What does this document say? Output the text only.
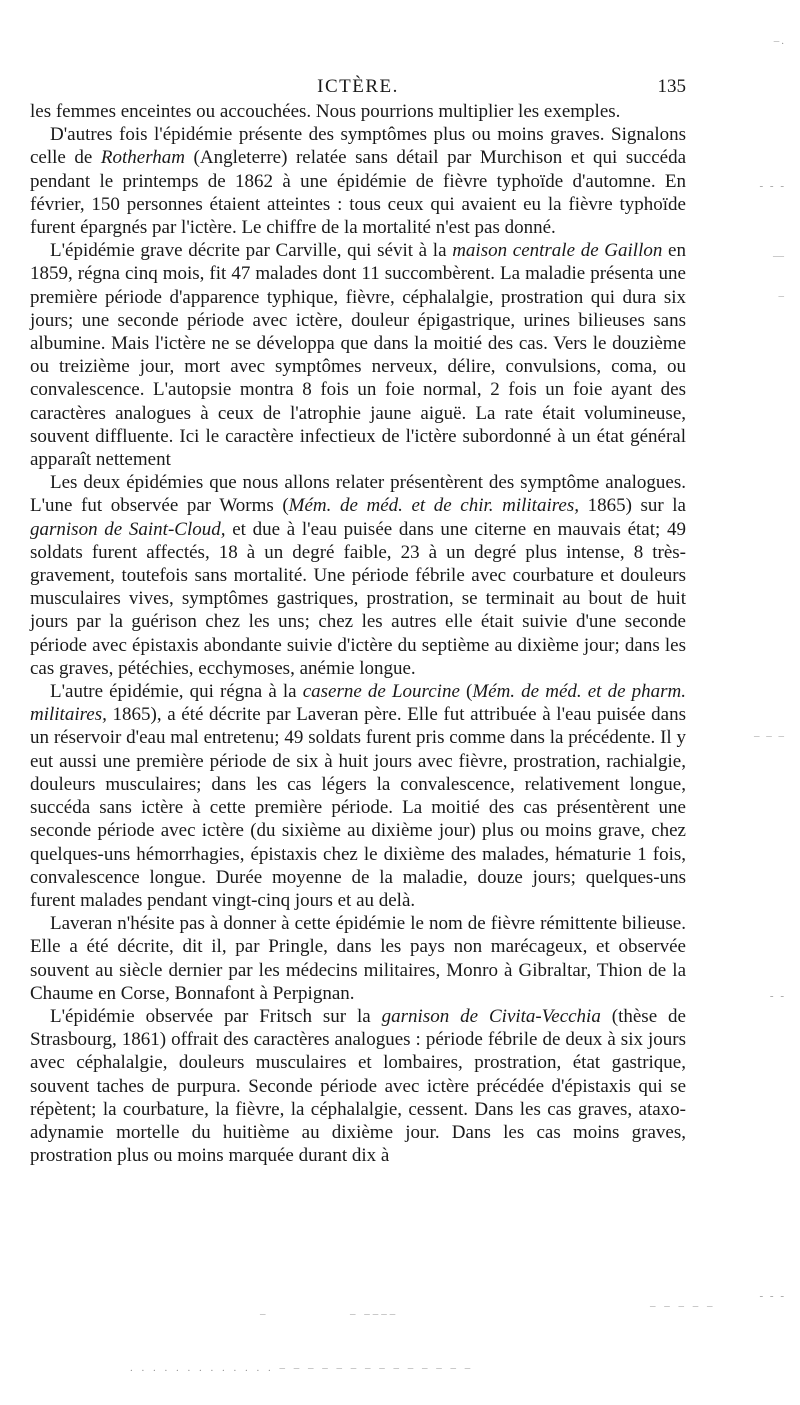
ICTÈRE.	135

les femmes enceintes ou accouchées. Nous pourrions multiplier les exemples.

D'autres fois l'épidémie présente des symptômes plus ou moins graves. Signalons celle de Rotherham (Angleterre) relatée sans détail par Murchison et qui succéda pendant le printemps de 1862 à une épidémie de fièvre typhoïde d'automne. En février, 150 personnes étaient atteintes : tous ceux qui avaient eu la fièvre typhoïde furent épargnés par l'ictère. Le chiffre de la mortalité n'est pas donné.

L'épidémie grave décrite par Carville, qui sévit à la maison centrale de Gaillon en 1859, régna cinq mois, fit 47 malades dont 11 succombèrent. La maladie présenta une première période d'apparence typhique, fièvre, céphalalgie, prostration qui dura six jours; une seconde période avec ictère, douleur épigastrique, urines bilieuses sans albumine. Mais l'ictère ne se développa que dans la moitié des cas. Vers le douzième ou treizième jour, mort avec symptômes nerveux, délire, convulsions, coma, ou convalescence. L'autopsie montra 8 fois un foie normal, 2 fois un foie ayant des caractères analogues à ceux de l'atrophie jaune aiguë. La rate était volumineuse, souvent diffluente. Ici le caractère infectieux de l'ictère subordonné à un état général apparaît nettement

Les deux épidémies que nous allons relater présentèrent des symptôme analogues. L'une fut observée par Worms (Mém. de méd. et de chir. militaires, 1865) sur la garnison de Saint-Cloud, et due à l'eau puisée dans une citerne en mauvais état; 49 soldats furent affectés, 18 à un degré faible, 23 à un degré plus intense, 8 très-gravement, toutefois sans mortalité. Une période fébrile avec courbature et douleurs musculaires vives, symptômes gastriques, prostration, se terminait au bout de huit jours par la guérison chez les uns; chez les autres elle était suivie d'une seconde période avec épistaxis abondante suivie d'ictère du septième au dixième jour; dans les cas graves, pétéchies, ecchymoses, anémie longue.

L'autre épidémie, qui régna à la caserne de Lourcine (Mém. de méd. et de pharm. militaires, 1865), a été décrite par Laveran père. Elle fut attribuée à l'eau puisée dans un réservoir d'eau mal entretenu; 49 soldats furent pris comme dans la précédente. Il y eut aussi une première période de six à huit jours avec fièvre, prostration, rachialgie, douleurs musculaires; dans les cas légers la convalescence, relativement longue, succéda sans ictère à cette première période. La moitié des cas présentèrent une seconde période avec ictère (du sixième au dixième jour) plus ou moins grave, chez quelques-uns hémorrhagies, épistaxis chez le dixième des malades, hématurie 1 fois, convalescence longue. Durée moyenne de la maladie, douze jours; quelques-uns furent malades pendant vingt-cinq jours et au delà.

Laveran n'hésite pas à donner à cette épidémie le nom de fièvre rémittente bilieuse. Elle a été décrite, dit il, par Pringle, dans les pays non marécageux, et observée souvent au siècle dernier par les médecins militaires, Monro à Gibraltar, Thion de la Chaume en Corse, Bonnafont à Perpignan.

L'épidémie observée par Fritsch sur la garnison de Civita-Vecchia (thèse de Strasbourg, 1861) offrait des caractères analogues : période fébrile de deux à six jours avec céphalalgie, douleurs musculaires et lombaires, prostration, état gastrique, souvent taches de purpura. Seconde période avec ictère précédée d'épistaxis qui se répètent; la courbature, la fièvre, la céphalalgie, cessent. Dans les cas graves, ataxo-adynamie mortelle du huitième au dixième jour. Dans les cas moins graves, prostration plus ou moins marquée durant dix à

–.
- - -
—
–
– – –
- -
- - -
–	– ––––
– – – – –
. . . . . . . . . . . . . – – – – – – – – – – – – – –
